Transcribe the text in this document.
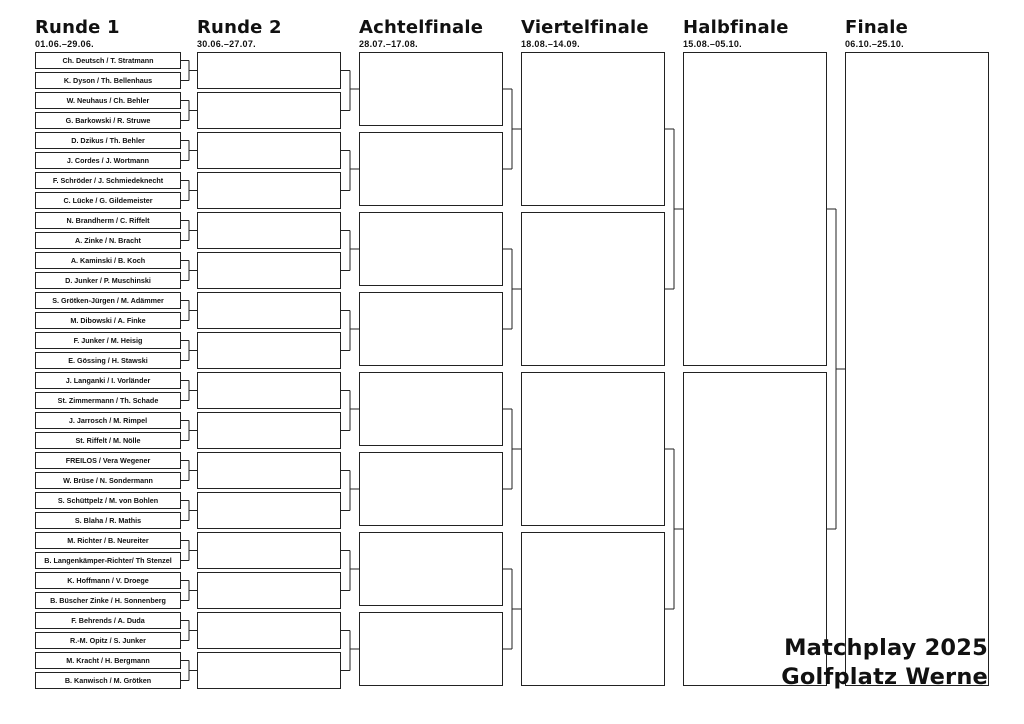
Runde 1
01.06.–29.06.
Runde 2
30.06.–27.07.
Achtelfinale
28.07.–17.08.
Viertelfinale
18.08.–14.09.
Halbfinale
15.08.–05.10.
Finale
06.10.–25.10.
Ch. Deutsch / T. Stratmann
K. Dyson / Th. Bellenhaus
W. Neuhaus / Ch. Behler
G. Barkowski / R. Struwe
D. Dzikus / Th. Behler
J. Cordes / J. Wortmann
F. Schröder / J. Schmiedeknecht
C. Lücke / G. Gildemeister
N. Brandherm / C. Riffelt
A. Zinke / N. Bracht
A. Kaminski / B. Koch
D. Junker / P. Muschinski
S. Grötken-Jürgen / M. Adämmer
M. Dibowski / A. Finke
F. Junker / M. Heisig
E. Gössing / H. Stawski
J. Langanki / I. Vorländer
St. Zimmermann / Th. Schade
J. Jarrosch / M. Rimpel
St. Riffelt / M. Nölle
FREILOS / Vera Wegener
W. Brüse / N. Sondermann
S. Schüttpelz / M. von Bohlen
S. Blaha / R. Mathis
M. Richter / B. Neureiter
B. Langenkämper-Richter/ Th Stenzel
K. Hoffmann / V. Droege
B. Büscher Zinke / H. Sonnenberg
F. Behrends / A. Duda
R.-M. Opitz / S. Junker
M. Kracht / H. Bergmann
B. Kanwisch / M. Grötken
Matchplay 2025
Golfplatz Werne
